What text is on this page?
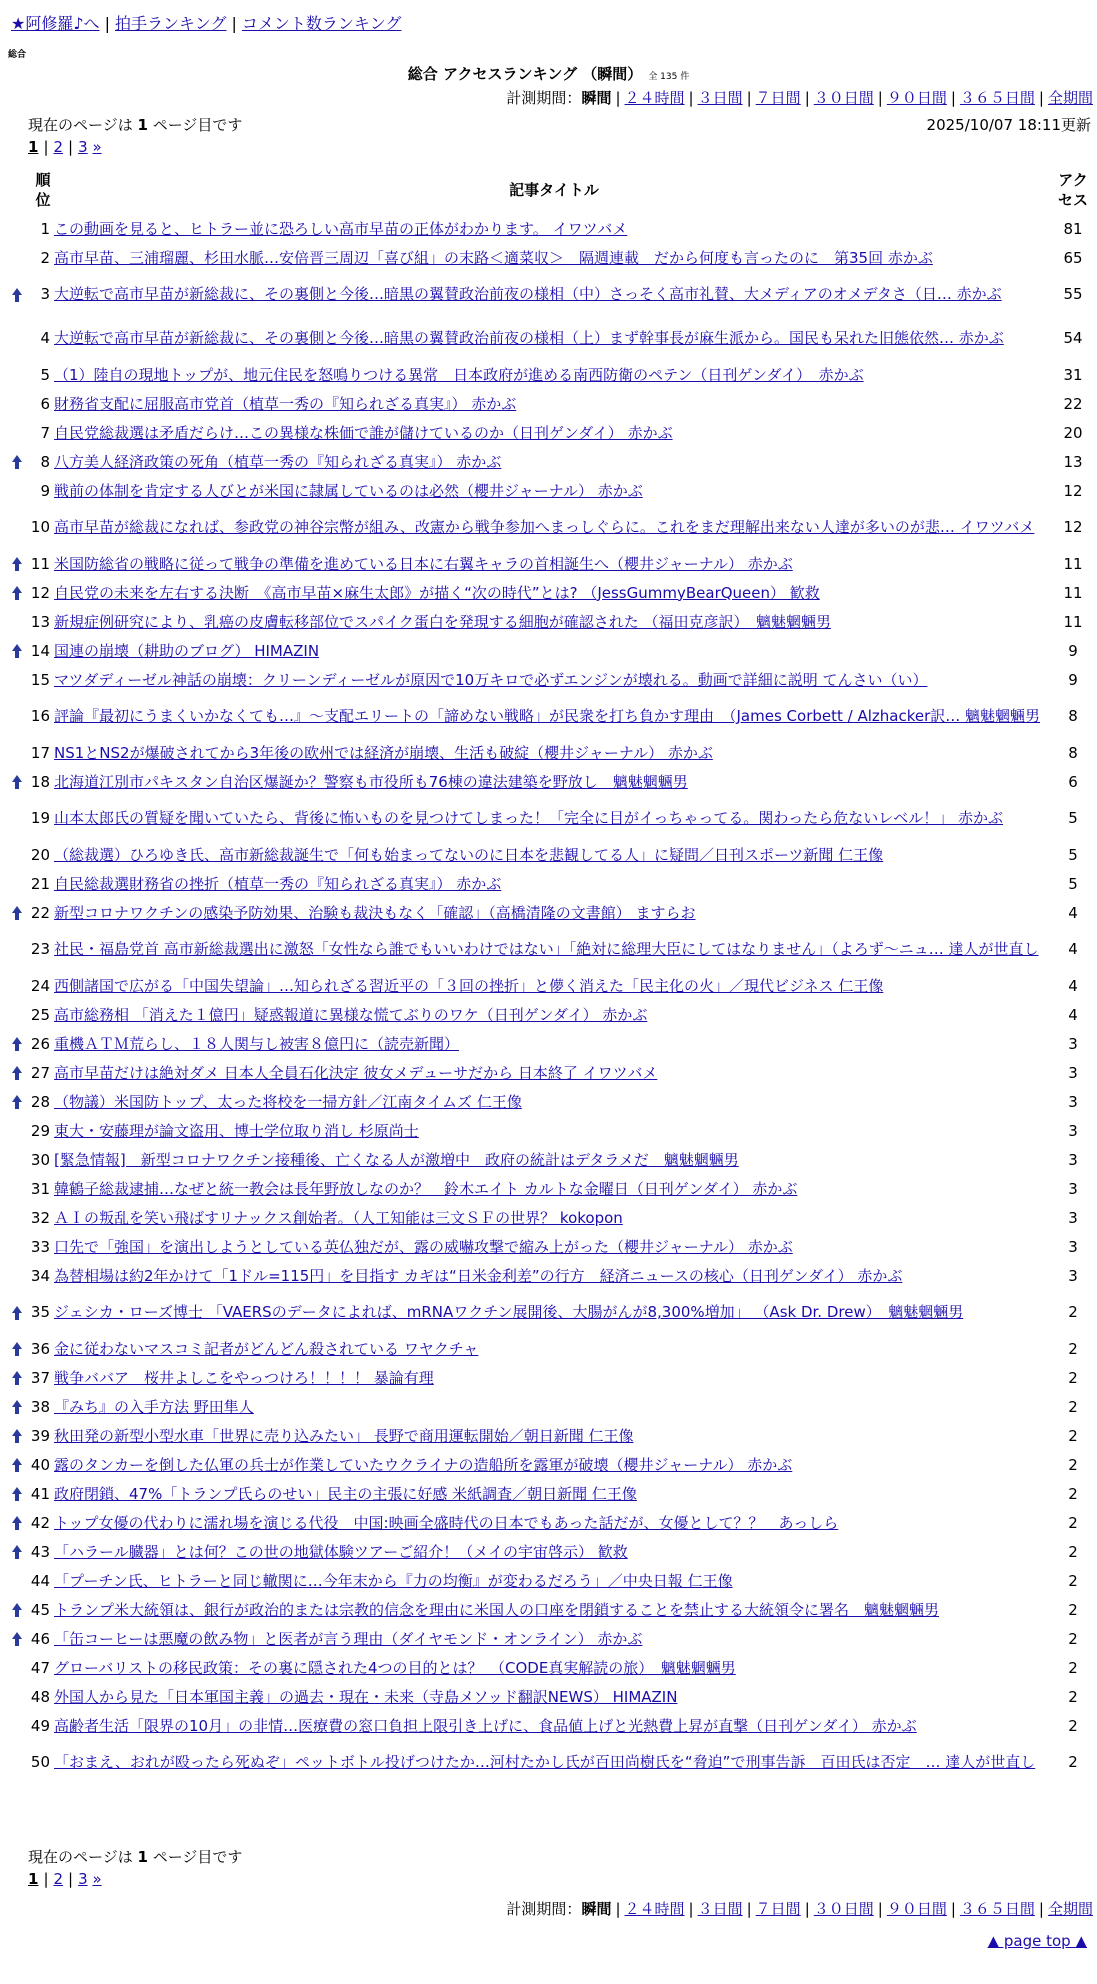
★阿修羅♪へ | 拍手ランキング | コメント数ランキング
総合
総合 アクセスランキング （瞬間） 全 135 件
計測期間：瞬間 | ２４時間 | ３日間 | ７日間 | ３０日間 | ９０日間 | ３６５日間 | 全期間
現在のページは 1 ページ目です	2025/10/07 18:11更新
1 | 2 | 3 »
順位		記事タイトル	アクセス
	1	この動画を見ると、ヒトラー並に恐ろしい高市早苗の正体がわかります。 イワツバメ	81
	2	高市早苗、三浦瑠麗、杉田水脈…安倍晋三周辺「喜び組」の末路＜適菜収＞　隔週連載　だから何度も言ったのに　第35回 赤かぶ	65
	3	大逆転で高市早苗が新総裁に、その裏側と今後…暗黒の翼賛政治前夜の様相（中）さっそく高市礼賛、大メディアのオメデタさ（日… 赤かぶ	55
	4	大逆転で高市早苗が新総裁に、その裏側と今後…暗黒の翼賛政治前夜の様相（上）まず幹事長が麻生派から。国民も呆れた旧態依然… 赤かぶ	54
	5	（1）陸自の現地トップが、地元住民を怒鳴りつける異常　日本政府が進める南西防衛のペテン（日刊ゲンダイ）　赤かぶ	31
	6	財務省支配に屈服高市党首（植草一秀の『知られざる真実』） 赤かぶ	22
	7	自民党総裁選は矛盾だらけ…この異様な株価で誰が儲けているのか（日刊ゲンダイ） 赤かぶ	20
	8	八方美人経済政策の死角（植草一秀の『知られざる真実』） 赤かぶ	13
	9	戦前の体制を肯定する人びとが米国に隷属しているのは必然（櫻井ジャーナル） 赤かぶ	12
	10	高市早苗が総裁になれば、参政党の神谷宗幣が組み、改憲から戦争参加へまっしぐらに。これをまだ理解出来ない人達が多いのが悲… イワツバメ	12
	11	米国防総省の戦略に従って戦争の準備を進めている日本に右翼キャラの首相誕生へ（櫻井ジャーナル） 赤かぶ	11
	12	自民党の未来を左右する決断　《高市早苗×麻生太郎》が描く“次の時代”とは? （JessGummyBearQueen） 歓救	11
	13	新規症例研究により、乳癌の皮膚転移部位でスパイク蛋白を発現する細胞が確認された （福田克彦訳）　魑魅魍魎男	11
	14	国連の崩壊（耕助のブログ） HIMAZIN	9
	15	マツダディーゼル神話の崩壊：クリーンディーゼルが原因で10万キロで必ずエンジンが壊れる。動画で詳細に説明 てんさい（い）	9
	16	評論『最初にうまくいかなくても…』～支配エリートの「諦めない戦略」が民衆を打ち負かす理由　（James Corbett / Alzhacker訳… 魑魅魍魎男	8
	17	NS1とNS2が爆破されてから3年後の欧州では経済が崩壊、生活も破綻（櫻井ジャーナル） 赤かぶ	8
	18	北海道江別市パキスタン自治区爆誕か？警察も市役所も76棟の違法建築を野放し　魑魅魍魎男	6
	19	山本太郎氏の質疑を聞いていたら、背後に怖いものを見つけてしまった！「完全に目がイっちゃってる。関わったら危ないレベル！」 赤かぶ	5
	20	（総裁選）ひろゆき氏、高市新総裁誕生で「何も始まってないのに日本を悲観してる人」に疑問／日刊スポーツ新聞 仁王像	5
	21	自民総裁選財務省の挫折（植草一秀の『知られざる真実』） 赤かぶ	5
	22	新型コロナワクチンの感染予防効果、治験も裁決もなく「確認」（高橋清隆の文書館） ますらお	4
	23	社民・福島党首 高市新総裁選出に激怒「女性なら誰でもいいわけではない」「絶対に総理大臣にしてはなりません」（よろず～ニュ… 達人が世直し	4
	24	西側諸国で広がる「中国失望論」…知られざる習近平の「３回の挫折」と儚く消えた「民主化の火」／現代ビジネス 仁王像	4
	25	高市総務相 「消えた１億円」疑惑報道に異様な慌てぶりのワケ（日刊ゲンダイ） 赤かぶ	4
	26	重機ＡＴＭ荒らし、１８人関与し被害８億円に（読売新聞）	3
	27	高市早苗だけは絶対ダメ 日本人全員石化決定 彼女メデューサだから 日本終了 イワツバメ	3
	28	（物議）米国防トップ、太った将校を一掃方針／江南タイムズ 仁王像	3
	29	東大・安藤理が論文盗用、博士学位取り消し 杉原尚士	3
	30	[緊急情報]　新型コロナワクチン接種後、亡くなる人が激増中　政府の統計はデタラメだ　魑魅魍魎男	3
	31	韓鶴子総裁逮捕…なぜと統一教会は長年野放しなのか？　鈴木エイト カルトな金曜日（日刊ゲンダイ） 赤かぶ	3
	32	ＡＩの叛乱を笑い飛ばすリナックス創始者。（人工知能は三文ＳＦの世界？ kokopon	3
	33	口先で「強国」を演出しようとしている英仏独だが、露の威嚇攻撃で縮み上がった（櫻井ジャーナル） 赤かぶ	3
	34	為替相場は約2年かけて「1ドル=115円」を目指す カギは“日米金利差”の行方　経済ニュースの核心（日刊ゲンダイ） 赤かぶ	3
	35	ジェシカ・ローズ博士 「VAERSのデータによれば、mRNAワクチン展開後、大腸がんが8,300%増加」 （Ask Dr. Drew）　魑魅魍魎男	2
	36	金に従わないマスコミ記者がどんどん殺されている ワヤクチャ	2
	37	戦争ババア　桜井よしこをやっつけろ！！！！ 暴論有理	2
	38	『みち』の入手方法 野田隼人	2
	39	秋田発の新型小型水車「世界に売り込みたい」 長野で商用運転開始／朝日新聞 仁王像	2
	40	露のタンカーを倒した仏軍の兵士が作業していたウクライナの造船所を露軍が破壊（櫻井ジャーナル） 赤かぶ	2
	41	政府閉鎖、47%「トランプ氏らのせい」民主の主張に好感 米紙調査／朝日新聞 仁王像	2
	42	トップ女優の代わりに濡れ場を演じる代役　中国:映画全盛時代の日本でもあった話だが、女優として？？　あっしら	2
	43	「ハラール臓器」とは何？この世の地獄体験ツアーご紹介！（メイの宇宙啓示） 歓救	2
	44	「プーチン氏、ヒトラーと同じ轍関に…今年末から『力の均衡』が変わるだろう」／中央日報 仁王像	2
	45	トランプ米大統領は、銀行が政治的または宗教的信念を理由に米国人の口座を閉鎖することを禁止する大統領令に署名　魑魅魍魎男	2
	46	「缶コーヒーは悪魔の飲み物」と医者が言う理由（ダイヤモンド・オンライン） 赤かぶ	2
	47	グローバリストの移民政策：その裏に隠された4つの目的とは？　（CODE真実解読の旅）　魑魅魍魎男	2
	48	外国人から見た「日本軍国主義」の過去・現在・未来（寺島メソッド翻訳NEWS） HIMAZIN	2
	49	高齢者生活「限界の10月」の非情…医療費の窓口負担上限引き上げに、食品値上げと光熱費上昇が直撃（日刊ゲンダイ） 赤かぶ	2
	50	「おまえ、おれが殴ったら死ぬぞ」ペットボトル投げつけたか…河村たかし氏が百田尚樹氏を“脅迫”で刑事告訴　百田氏は否定　… 達人が世直し	2
現在のページは 1 ページ目です
1 | 2 | 3 »
計測期間：瞬間 | ２４時間 | ３日間 | ７日間 | ３０日間 | ９０日間 | ３６５日間 | 全期間
▲ page top ▲
